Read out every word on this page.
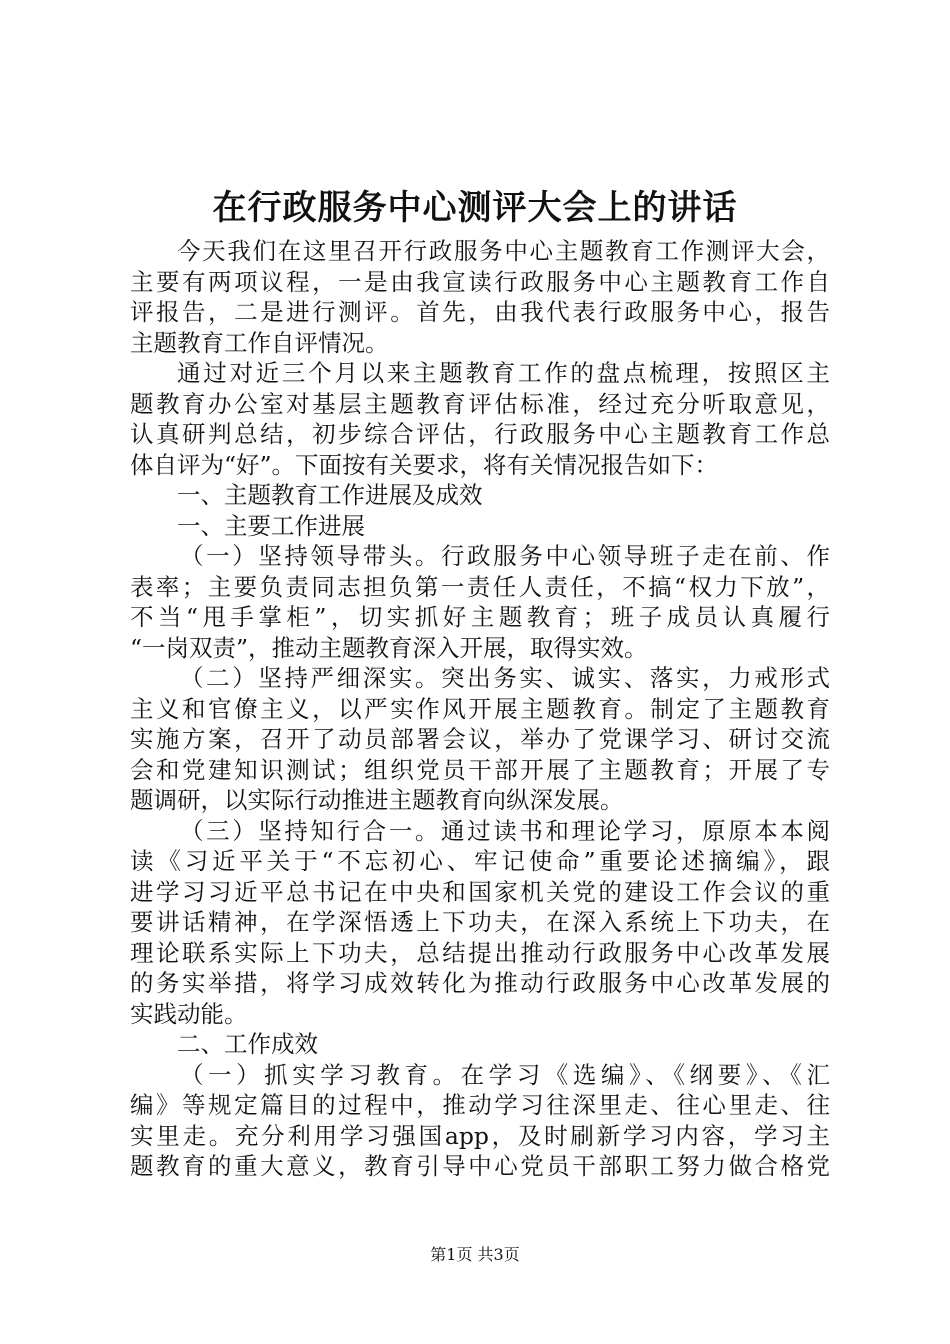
在行政服务中心测评大会上的讲话
今天我们在这里召开行政服务中心主题教育工作测评大会，
主要有两项议程，一是由我宣读行政服务中心主题教育工作自
评报告，二是进行测评。首先，由我代表行政服务中心，报告
主题教育工作自评情况。
通过对近三个月以来主题教育工作的盘点梳理，按照区主
题教育办公室对基层主题教育评估标准，经过充分听取意见，
认真研判总结，初步综合评估，行政服务中心主题教育工作总
体自评为“好”。下面按有关要求，将有关情况报告如下：
一、主题教育工作进展及成效
一、主要工作进展
（一）坚持领导带头。行政服务中心领导班子走在前、作
表率；主要负责同志担负第一责任人责任，不搞“权力下放”，
不当“甩手掌柜”，切实抓好主题教育；班子成员认真履行
“一岗双责”，推动主题教育深入开展，取得实效。
（二）坚持严细深实。突出务实、诚实、落实，力戒形式
主义和官僚主义，以严实作风开展主题教育。制定了主题教育
实施方案，召开了动员部署会议，举办了党课学习、研讨交流
会和党建知识测试；组织党员干部开展了主题教育；开展了专
题调研，以实际行动推进主题教育向纵深发展。
（三）坚持知行合一。通过读书和理论学习，原原本本阅
读《习近平关于“不忘初心、牢记使命”重要论述摘编》，跟
进学习习近平总书记在中央和国家机关党的建设工作会议的重
要讲话精神，在学深悟透上下功夫，在深入系统上下功夫，在
理论联系实际上下功夫，总结提出推动行政服务中心改革发展
的务实举措，将学习成效转化为推动行政服务中心改革发展的
实践动能。
二、工作成效
（一）抓实学习教育。在学习《选编》、《纲要》、《汇
编》等规定篇目的过程中，推动学习往深里走、往心里走、往
实里走。充分利用学习强国app，及时刷新学习内容，学习主
题教育的重大意义，教育引导中心党员干部职工努力做合格党
第1页 共3页
